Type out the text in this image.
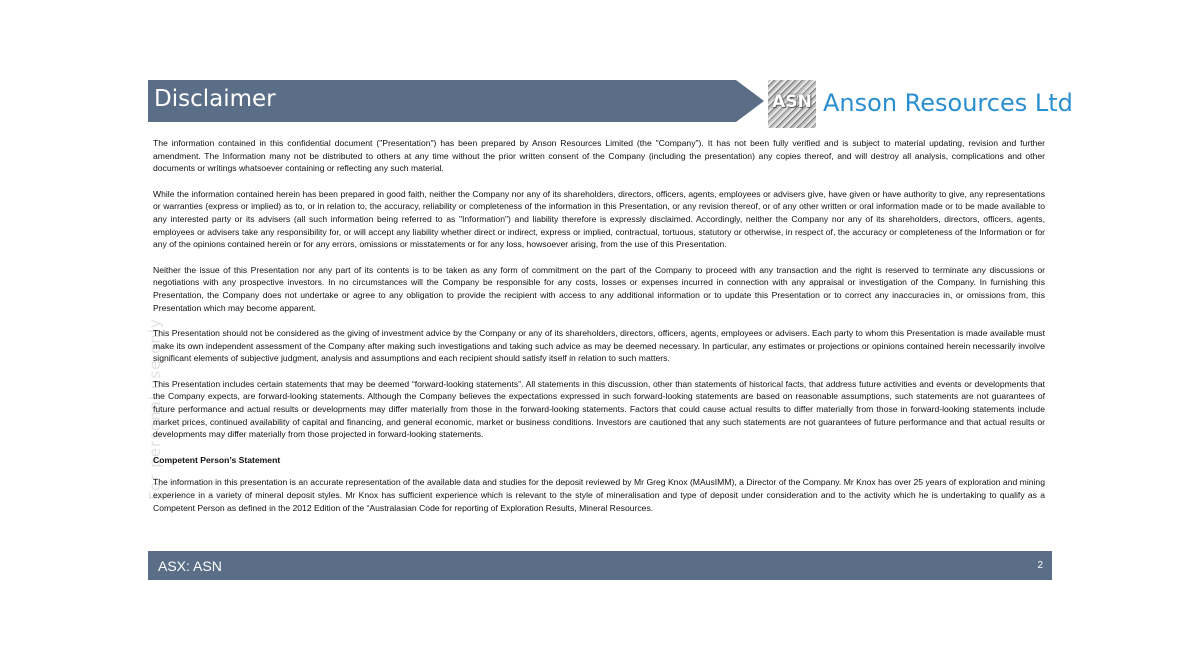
For personal use only
Disclaimer	ASN Anson Resources Ltd

The information contained in this confidential document ("Presentation") has been prepared by Anson Resources Limited (the "Company"). It has not been fully verified and is subject to material updating, revision and further amendment. The Information many not be distributed to others at any time without the prior written consent of the Company (including the presentation) any copies thereof, and will destroy all analysis, complications and other documents or writings whatsoever containing or reflecting any such material.

While the information contained herein has been prepared in good faith, neither the Company nor any of its shareholders, directors, officers, agents, employees or advisers give, have given or have authority to give, any representations or warranties (express or implied) as to, or in relation to, the accuracy, reliability or completeness of the information in this Presentation, or any revision thereof, or of any other written or oral information made or to be made available to any interested party or its advisers (all such information being referred to as "Information") and liability therefore is expressly disclaimed. Accordingly, neither the Company nor any of its shareholders, directors, officers, agents, employees or advisers take any responsibility for, or will accept any liability whether direct or indirect, express or implied, contractual, tortuous, statutory or otherwise, in respect of, the accuracy or completeness of the Information or for any of the opinions contained herein or for any errors, omissions or misstatements or for any loss, howsoever arising, from the use of this Presentation.

Neither the issue of this Presentation nor any part of its contents is to be taken as any form of commitment on the part of the Company to proceed with any transaction and the right is reserved to terminate any discussions or negotiations with any prospective investors. In no circumstances will the Company be responsible for any costs, losses or expenses incurred in connection with any appraisal or investigation of the Company. In furnishing this Presentation, the Company does not undertake or agree to any obligation to provide the recipient with access to any additional information or to update this Presentation or to correct any inaccuracies in, or omissions from, this Presentation which may become apparent.

This Presentation should not be considered as the giving of investment advice by the Company or any of its shareholders, directors, officers, agents, employees or advisers. Each party to whom this Presentation is made available must make its own independent assessment of the Company after making such investigations and taking such advice as may be deemed necessary. In particular, any estimates or projections or opinions contained herein necessarily involve significant elements of subjective judgment, analysis and assumptions and each recipient should satisfy itself in relation to such matters.

This Presentation includes certain statements that may be deemed “forward-looking statements”. All statements in this discussion, other than statements of historical facts, that address future activities and events or developments that the Company expects, are forward-looking statements. Although the Company believes the expectations expressed in such forward-looking statements are based on reasonable assumptions, such statements are not guarantees of future performance and actual results or developments may differ materially from those in the forward-looking statements. Factors that could cause actual results to differ materially from those in forward-looking statements include market prices, continued availability of capital and financing, and general economic, market or business conditions. Investors are cautioned that any such statements are not guarantees of future performance and that actual results or developments may differ materially from those projected in forward-looking statements.

Competent Person’s Statement

The information in this presentation is an accurate representation of the available data and studies for the deposit reviewed by Mr Greg Knox (MAusIMM), a Director of the Company. Mr Knox has over 25 years of exploration and mining experience in a variety of mineral deposit styles. Mr Knox has sufficient experience which is relevant to the style of mineralisation and type of deposit under consideration and to the activity which he is undertaking to qualify as a Competent Person as defined in the 2012 Edition of the “Australasian Code for reporting of Exploration Results, Mineral Resources.

ASX: ASN	2
